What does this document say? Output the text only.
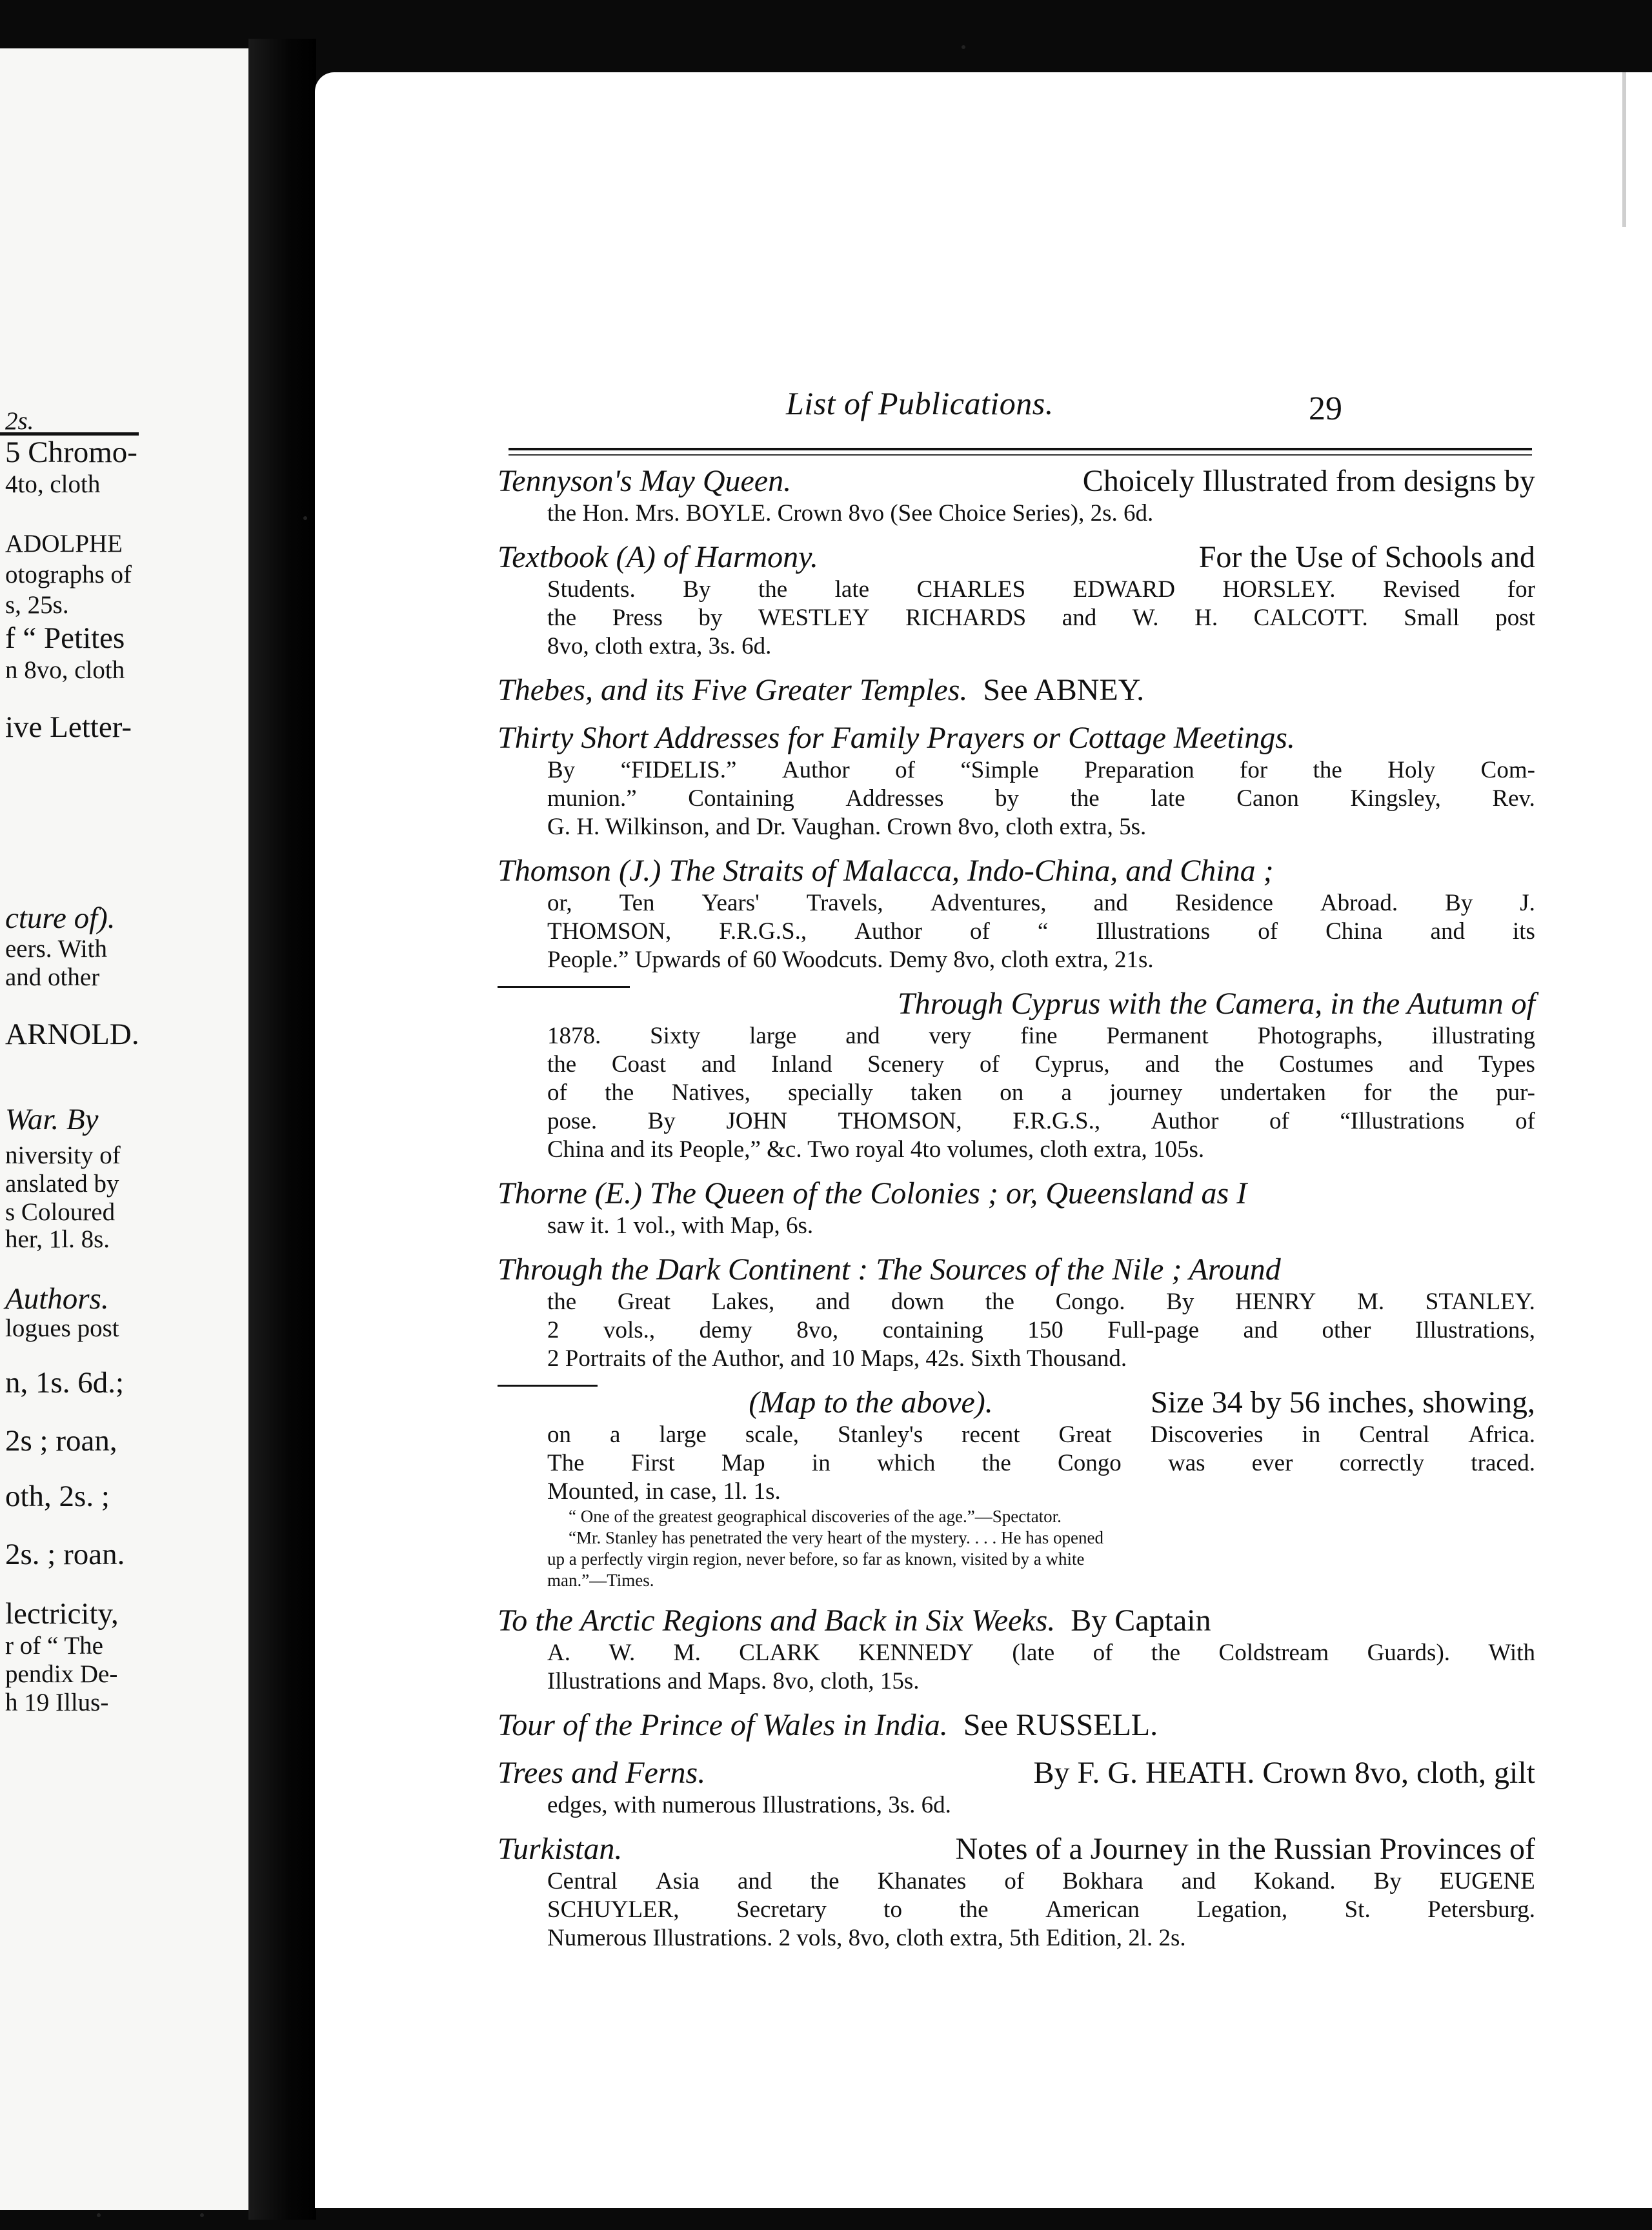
2s.
5 Chromo-
4to, cloth
ADOLPHE
otographs of
s, 25s.
f “ Petites
n 8vo, cloth
ive Letter-
cture of).
eers. With
and other
ARNOLD.
War. By
niversity of
anslated by
s Coloured
her, 1l. 8s.
Authors.
logues post
n, 1s. 6d.;
2s ; roan,
oth, 2s. ;
2s. ; roan.
lectricity,
r of “ The
pendix De-
h 19 Illus-
List of Publications.	29
Tennyson's May Queen.	Choicely Illustrated from designs by
the Hon. Mrs. BOYLE. Crown 8vo (See Choice Series), 2s. 6d.
Textbook (A) of Harmony.	For the Use of Schools and
Students. By the late CHARLES EDWARD HORSLEY. Revised for
the Press by WESTLEY RICHARDS and W. H. CALCOTT. Small post
8vo, cloth extra, 3s. 6d.
Thebes, and its Five Greater Temples. See ABNEY.
Thirty Short Addresses for Family Prayers or Cottage Meetings.
By “FIDELIS.” Author of “Simple Preparation for the Holy Com-
munion.” Containing Addresses by the late Canon Kingsley, Rev.
G. H. Wilkinson, and Dr. Vaughan. Crown 8vo, cloth extra, 5s.
Thomson (J.) The Straits of Malacca, Indo-China, and China ;
or, Ten Years' Travels, Adventures, and Residence Abroad. By J.
THOMSON, F.R.G.S., Author of “ Illustrations of China and its
People.” Upwards of 60 Woodcuts. Demy 8vo, cloth extra, 21s.
Through Cyprus with the Camera, in the Autumn of
1878. Sixty large and very fine Permanent Photographs, illustrating
the Coast and Inland Scenery of Cyprus, and the Costumes and Types
of the Natives, specially taken on a journey undertaken for the pur-
pose. By JOHN THOMSON, F.R.G.S., Author of “Illustrations of
China and its People,” &c. Two royal 4to volumes, cloth extra, 105s.
Thorne (E.) The Queen of the Colonies ; or, Queensland as I
saw it. 1 vol., with Map, 6s.
Through the Dark Continent : The Sources of the Nile ; Around
the Great Lakes, and down the Congo. By HENRY M. STANLEY.
2 vols., demy 8vo, containing 150 Full-page and other Illustrations,
2 Portraits of the Author, and 10 Maps, 42s. Sixth Thousand.
(Map to the above).	Size 34 by 56 inches, showing,
on a large scale, Stanley's recent Great Discoveries in Central Africa.
The First Map in which the Congo was ever correctly traced.
Mounted, in case, 1l. 1s.
“ One of the greatest geographical discoveries of the age.”—Spectator.
“Mr. Stanley has penetrated the very heart of the mystery. . . . He has opened
up a perfectly virgin region, never before, so far as known, visited by a white
man.”—Times.
To the Arctic Regions and Back in Six Weeks. By Captain
A. W. M. CLARK KENNEDY (late of the Coldstream Guards). With
Illustrations and Maps. 8vo, cloth, 15s.
Tour of the Prince of Wales in India. See RUSSELL.
Trees and Ferns.	By F. G. HEATH. Crown 8vo, cloth, gilt
edges, with numerous Illustrations, 3s. 6d.
Turkistan.	Notes of a Journey in the Russian Provinces of
Central Asia and the Khanates of Bokhara and Kokand. By EUGENE
SCHUYLER, Secretary to the American Legation, St. Petersburg.
Numerous Illustrations. 2 vols, 8vo, cloth extra, 5th Edition, 2l. 2s.
